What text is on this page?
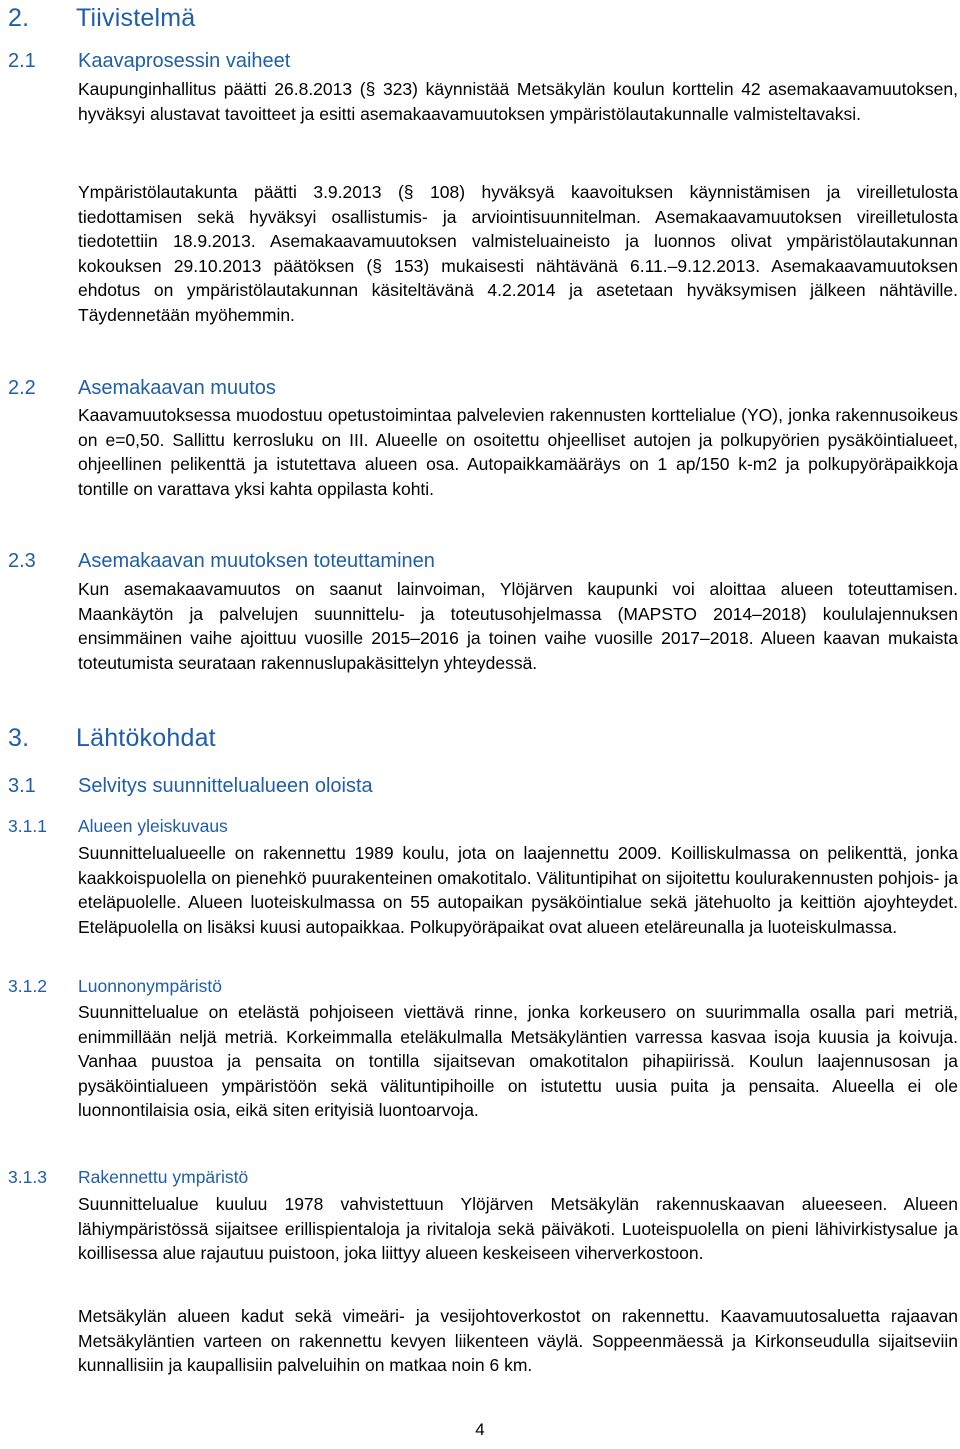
2. Tiivistelmä
2.1 Kaavaprosessin vaiheet

Kaupunginhallitus päätti 26.8.2013 (§ 323) käynnistää Metsäkylän koulun korttelin 42 asemakaavamuutoksen, hyväksyi alustavat tavoitteet ja esitti asemakaavamuutoksen ympäristölautakunnalle valmisteltavaksi.

Ympäristölautakunta päätti 3.9.2013 (§ 108) hyväksyä kaavoituksen käynnistämisen ja vireilletulosta tiedottamisen sekä hyväksyi osallistumis- ja arviointisuunnitelman. Asemakaavamuutoksen vireilletulosta tiedotettiin 18.9.2013. Asemakaavamuutoksen valmisteluaineisto ja luonnos olivat ympäristölautakunnan kokouksen 29.10.2013 päätöksen (§ 153) mukaisesti nähtävänä 6.11.–9.12.2013. Asemakaavamuutoksen ehdotus on ympäristölautakunnan käsiteltävänä 4.2.2014 ja asetetaan hyväksymisen jälkeen nähtäville. Täydennetään myöhemmin.

2.2 Asemakaavan muutos

Kaavamuutoksessa muodostuu opetustoimintaa palvelevien rakennusten korttelialue (YO), jonka rakennusoikeus on e=0,50. Sallittu kerrosluku on III. Alueelle on osoitettu ohjeelliset autojen ja polkupyörien pysäköintialueet, ohjeellinen pelikenttä ja istutettava alueen osa. Autopaikkamääräys on 1 ap/150 k-m2 ja polkupyöräpaikkoja tontille on varattava yksi kahta oppilasta kohti.

2.3 Asemakaavan muutoksen toteuttaminen

Kun asemakaavamuutos on saanut lainvoiman, Ylöjärven kaupunki voi aloittaa alueen toteuttamisen. Maankäytön ja palvelujen suunnittelu- ja toteutusohjelmassa (MAPSTO 2014–2018) koululajennuksen ensimmäinen vaihe ajoittuu vuosille 2015–2016 ja toinen vaihe vuosille 2017–2018. Alueen kaavan mukaista toteutumista seurataan rakennuslupakäsittelyn yhteydessä.

3. Lähtökohdat
3.1 Selvitys suunnittelualueen oloista
3.1.1 Alueen yleiskuvaus

Suunnittelualueelle on rakennettu 1989 koulu, jota on laajennettu 2009. Koilliskulmassa on pelikenttä, jonka kaakkoispuolella on pienehkö puurakenteinen omakotitalo. Välituntipihat on sijoitettu koulurakennusten pohjois- ja eteläpuolelle. Alueen luoteiskulmassa on 55 autopaikan pysäköintialue sekä jätehuolto ja keittiön ajoyhteydet. Eteläpuolella on lisäksi kuusi autopaikkaa. Polkupyöräpaikat ovat alueen eteläreunalla ja luoteiskulmassa.

3.1.2 Luonnonympäristö

Suunnittelualue on etelästä pohjoiseen viettävä rinne, jonka korkeusero on suurimmalla osalla pari metriä, enimmillään neljä metriä. Korkeimmalla eteläkulmalla Metsäkyläntien varressa kasvaa isoja kuusia ja koivuja. Vanhaa puustoa ja pensaita on tontilla sijaitsevan omakotitalon pihapiirissä. Koulun laajennusosan ja pysäköintialueen ympäristöön sekä välituntipihoille on istutettu uusia puita ja pensaita. Alueella ei ole luonnontilaisia osia, eikä siten erityisiä luontoarvoja.

3.1.3 Rakennettu ympäristö

Suunnittelualue kuuluu 1978 vahvistettuun Ylöjärven Metsäkylän rakennuskaavan alueeseen. Alueen lähiympäristössä sijaitsee erillispientaloja ja rivitaloja sekä päiväkoti. Luoteispuolella on pieni lähivirkistysalue ja koillisessa alue rajautuu puistoon, joka liittyy alueen keskeiseen viherverkostoon.

Metsäkylän alueen kadut sekä vimeäri- ja vesijohtoverkostot on rakennettu. Kaavamuutosaluetta rajaavan Metsäkyläntien varteen on rakennettu kevyen liikenteen väylä. Soppeenmäessä ja Kirkonseudulla sijaitseviin kunnallisiin ja kaupallisiin palveluihin on matkaa noin 6 km.

4
